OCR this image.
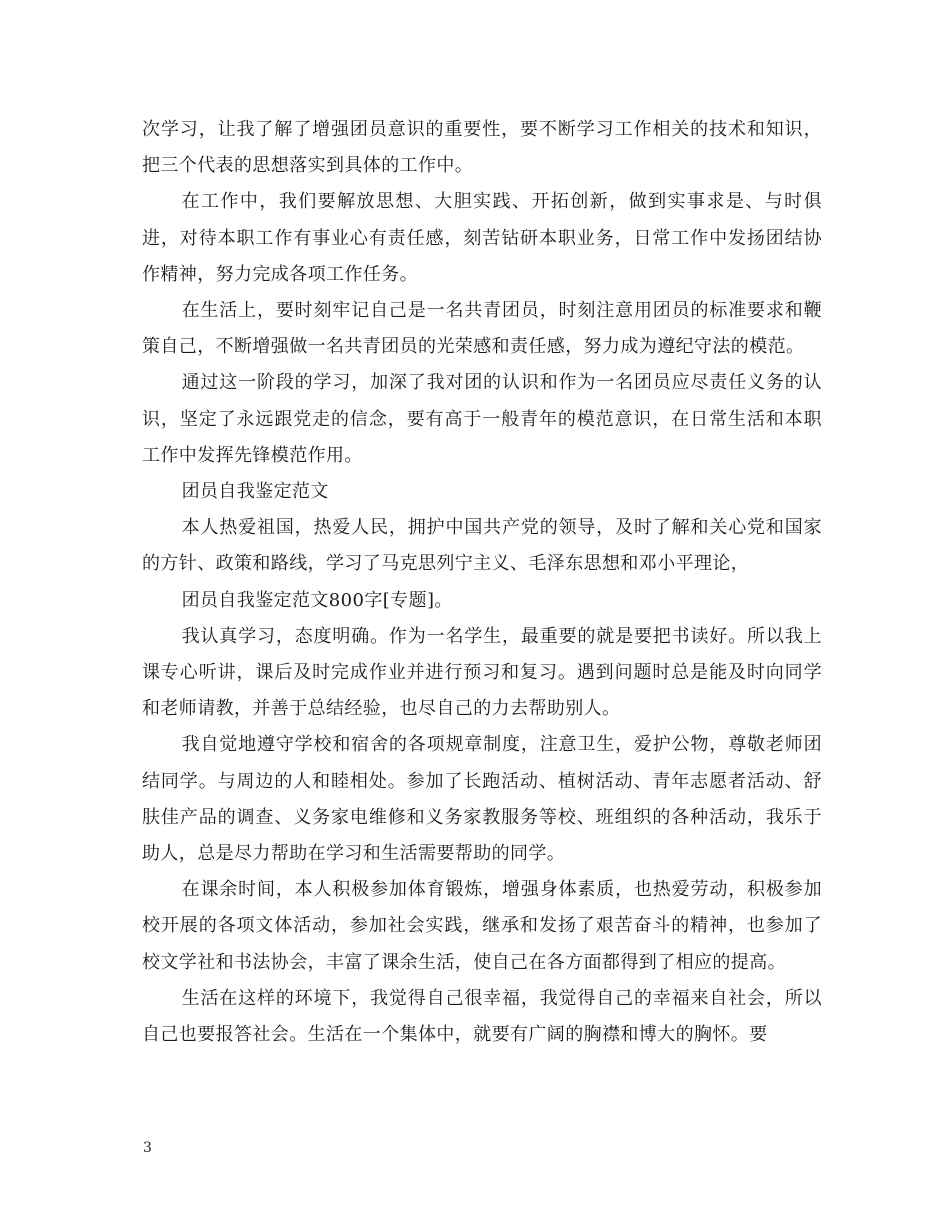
次学习，让我了解了增强团员意识的重要性，要不断学习工作相关的技术和知识，把三个代表的思想落实到具体的工作中。

在工作中，我们要解放思想、大胆实践、开拓创新，做到实事求是、与时俱进，对待本职工作有事业心有责任感，刻苦钻研本职业务，日常工作中发扬团结协作精神，努力完成各项工作任务。

在生活上，要时刻牢记自己是一名共青团员，时刻注意用团员的标准要求和鞭策自己，不断增强做一名共青团员的光荣感和责任感，努力成为遵纪守法的模范。

通过这一阶段的学习，加深了我对团的认识和作为一名团员应尽责任义务的认识，坚定了永远跟党走的信念，要有高于一般青年的模范意识，在日常生活和本职工作中发挥先锋模范作用。

团员自我鉴定范文

本人热爱祖国，热爱人民，拥护中国共产党的领导，及时了解和关心党和国家的方针、政策和路线，学习了马克思列宁主义、毛泽东思想和邓小平理论，

团员自我鉴定范文800字[专题]。

我认真学习，态度明确。作为一名学生，最重要的就是要把书读好。所以我上课专心听讲，课后及时完成作业并进行预习和复习。遇到问题时总是能及时向同学和老师请教，并善于总结经验，也尽自己的力去帮助别人。

我自觉地遵守学校和宿舍的各项规章制度，注意卫生，爱护公物，尊敬老师团结同学。与周边的人和睦相处。参加了长跑活动、植树活动、青年志愿者活动、舒肤佳产品的调查、义务家电维修和义务家教服务等校、班组织的各种活动，我乐于助人，总是尽力帮助在学习和生活需要帮助的同学。

在课余时间，本人积极参加体育锻炼，增强身体素质，也热爱劳动，积极参加校开展的各项文体活动，参加社会实践，继承和发扬了艰苦奋斗的精神，也参加了校文学社和书法协会，丰富了课余生活，使自己在各方面都得到了相应的提高。

生活在这样的环境下，我觉得自己很幸福，我觉得自己的幸福来自社会，所以自己也要报答社会。生活在一个集体中，就要有广阔的胸襟和博大的胸怀。要

3
